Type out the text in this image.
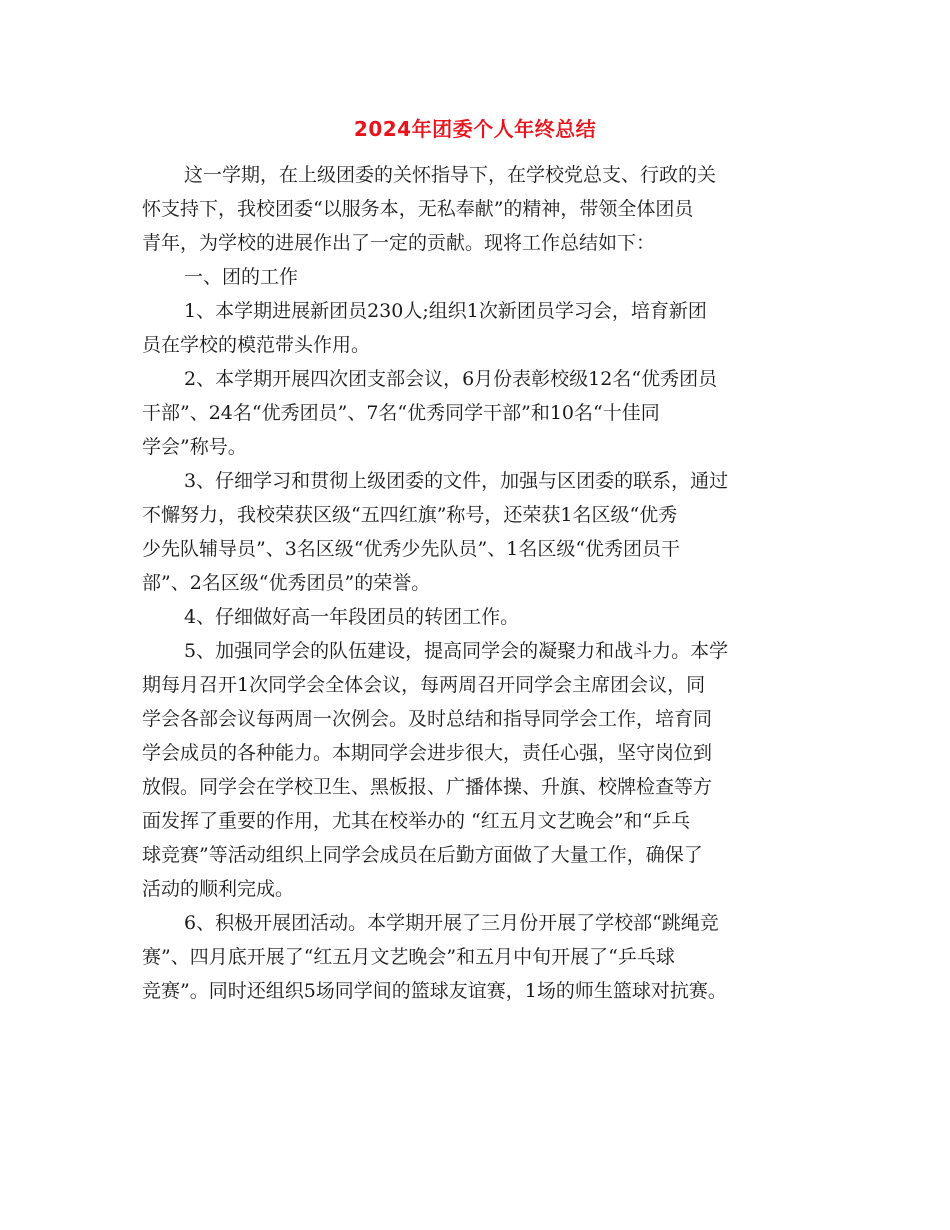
2024年团委个人年终总结
这一学期，在上级团委的关怀指导下，在学校党总支、行政的关
怀支持下，我校团委“以服务本，无私奉献”的精神，带领全体团员
青年，为学校的进展作出了一定的贡献。现将工作总结如下：
一、团的工作
1、本学期进展新团员230人;组织1次新团员学习会，培育新团
员在学校的模范带头作用。
2、本学期开展四次团支部会议，6月份表彰校级12名“优秀团员
干部”、24名“优秀团员”、7名“优秀同学干部”和10名“十佳同
学会”称号。
3、仔细学习和贯彻上级团委的文件，加强与区团委的联系，通过
不懈努力，我校荣获区级“五四红旗”称号，还荣获1名区级“优秀
少先队辅导员”、3名区级“优秀少先队员”、1名区级“优秀团员干
部”、2名区级“优秀团员”的荣誉。
4、仔细做好高一年段团员的转团工作。
5、加强同学会的队伍建设，提高同学会的凝聚力和战斗力。本学
期每月召开1次同学会全体会议，每两周召开同学会主席团会议，同
学会各部会议每两周一次例会。及时总结和指导同学会工作，培育同
学会成员的各种能力。本期同学会进步很大，责任心强，坚守岗位到
放假。同学会在学校卫生、黑板报、广播体操、升旗、校牌检查等方
面发挥了重要的作用，尤其在校举办的 “红五月文艺晚会”和“乒乓
球竞赛”等活动组织上同学会成员在后勤方面做了大量工作，确保了
活动的顺利完成。
6、积极开展团活动。本学期开展了三月份开展了学校部“跳绳竞
赛”、四月底开展了“红五月文艺晚会”和五月中旬开展了“乒乓球
竞赛”。同时还组织5场同学间的篮球友谊赛，1场的师生篮球对抗赛。
